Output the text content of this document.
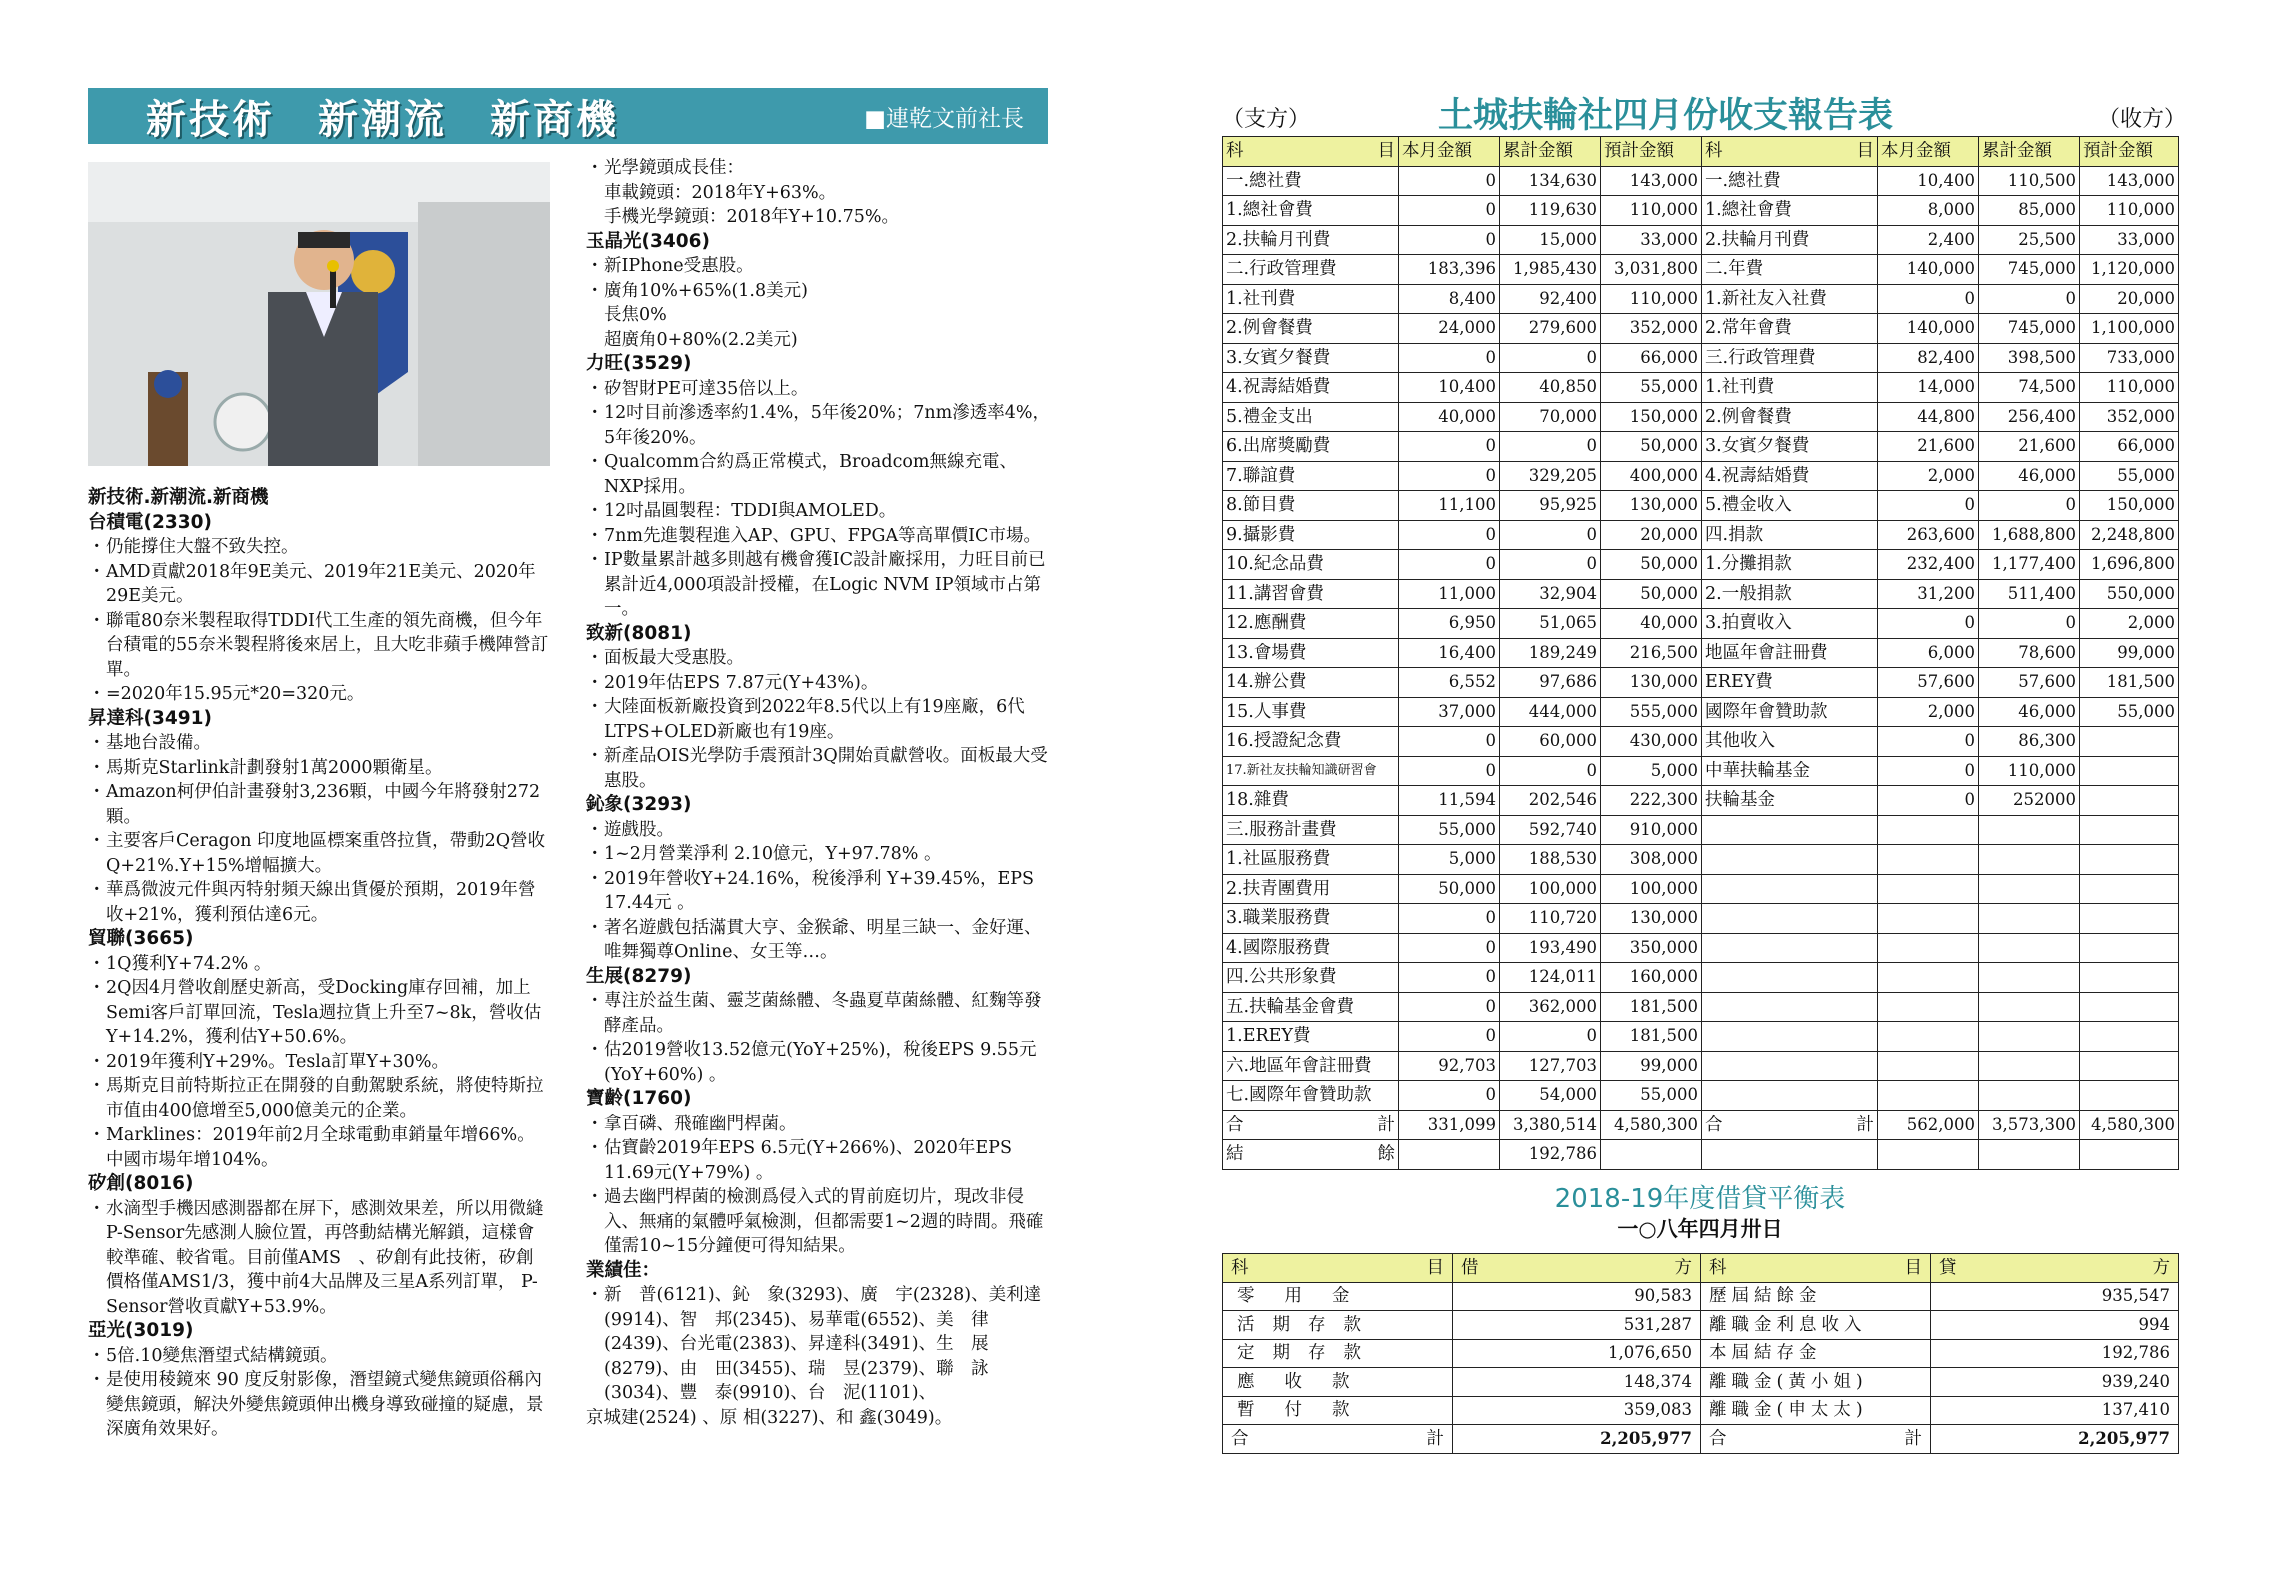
新技術　新潮流　新商機	■連乾文前社長
新技術.新潮流.新商機
台積電(2330)
・ 仍能撐住大盤不致失控。
・ AMD貢獻2018年9E美元、2019年21E美元、2020年29E美元。
・ 聯電80奈米製程取得TDDI代工生產的領先商機，但今年台積電的55奈米製程將後來居上，且大吃非蘋手機陣營訂單。
・ =2020年15.95元*20=320元。
昇達科(3491)
・ 基地台設備。
・ 馬斯克Starlink計劃發射1萬2000顆衛星。
・ Amazon柯伊伯計畫發射3,236顆，中國今年將發射272顆。
・ 主要客戶Ceragon 印度地區標案重啓拉貨，帶動2Q營收Q+21%.Y+15%增幅擴大。
・ 華爲微波元件與丙特射頻天線出貨優於預期，2019年營收+21%，獲利預估達6元。
貿聯(3665)
・ 1Q獲利Y+74.2% 。
・ 2Q因4月營收創歷史新高，受Docking庫存回補，加上Semi客戶訂單回流，Tesla週拉貨上升至7~8k，營收估Y+14.2%，獲利估Y+50.6%。
・ 2019年獲利Y+29%。Tesla訂單Y+30%。
・ 馬斯克目前特斯拉正在開發的自動駕駛系統，將使特斯拉市值由400億增至5,000億美元的企業。
・ Marklines：2019年前2月全球電動車銷量年增66%。中國市場年增104%。
矽創(8016)
・ 水滴型手機因感測器都在屏下，感測效果差，所以用微縫P-Sensor先感測人臉位置，再啓動結構光解鎖，這樣會較準確、較省電。目前僅AMS　、矽創有此技術，矽創價格僅AMS1/3，獲中前4大品牌及三星A系列訂單， P-Sensor營收貢獻Y+53.9%。
亞光(3019)
・ 5倍.10變焦潛望式結構鏡頭。
・ 是使用稜鏡來 90 度反射影像，潛望鏡式變焦鏡頭俗稱內變焦鏡頭，解決外變焦鏡頭伸出機身導致碰撞的疑慮，景深廣角效果好。
・ 光學鏡頭成長佳：
車載鏡頭：2018年Y+63%。
手機光學鏡頭：2018年Y+10.75%。
玉晶光(3406)
・ 新IPhone受惠股。
・ 廣角10%+65%(1.8美元)
長焦0%
超廣角0+80%(2.2美元)
力旺(3529)
・ 矽智財PE可達35倍以上。
・ 12吋目前滲透率約1.4%，5年後20%；7nm滲透率4%，5年後20%。
・ Qualcomm合約爲正常模式，Broadcom無線充電、NXP採用。
・ 12吋晶圓製程：TDDI與AMOLED。
・ 7nm先進製程進入AP、GPU、FPGA等高單價IC市場。
・ IP數量累計越多則越有機會獲IC設計廠採用，力旺目前已累計近4,000項設計授權，在Logic NVM IP領域市占第一。
致新(8081)
・ 面板最大受惠股。
・ 2019年估EPS 7.87元(Y+43%)。
・ 大陸面板新廠投資到2022年8.5代以上有19座廠，6代LTPS+OLED新廠也有19座。
・ 新產品OIS光學防手震預計3Q開始貢獻營收。面板最大受惠股。
鈊象(3293)
・ 遊戲股。
・ 1~2月營業淨利 2.10億元，Y+97.78% 。
・ 2019年營收Y+24.16%，稅後淨利 Y+39.45%，EPS 17.44元 。
・ 著名遊戲包括滿貫大亨、金猴爺、明星三缺一、金好運、唯舞獨尊Online、女王等…。
生展(8279)
・ 專注於益生菌、靈芝菌絲體、冬蟲夏草菌絲體、紅麴等發酵產品。
・ 估2019營收13.52億元(YoY+25%)，稅後EPS 9.55元(YoY+60%) 。
寶齡(1760)
・ 拿百磷、飛確幽門桿菌。
・ 估寶齡2019年EPS 6.5元(Y+266%)、2020年EPS 11.69元(Y+79%) 。
・ 過去幽門桿菌的檢測爲侵入式的胃前庭切片，現改非侵入、無痛的氣體呼氣檢測，但都需要1~2週的時間。飛確僅需10~15分鐘便可得知結果。
業績佳：
・ 新　普(6121)、鈊　象(3293)、廣　宇(2328)、美利達(9914)、智　邦(2345)、易華電(6552)、美　律(2439)、台光電(2383)、昇達科(3491)、生　展(8279)、由　田(3455)、瑞　昱(2379)、聯　詠(3034)、豐　泰(9910)、台　泥(1101)、
京城建(2524) 、原 相(3227)、和 鑫(3049)。
（支方）	土城扶輪社四月份收支報告表	（收方）
科 目	本月金額	累計金額	預計金額	科 目	本月金額	累計金額	預計金額
一.總社費	0	134,630	143,000	一.總社費	10,400	110,500	143,000
1.總社會費	0	119,630	110,000	1.總社會費	8,000	85,000	110,000
2.扶輪月刊費	0	15,000	33,000	2.扶輪月刊費	2,400	25,500	33,000
二.行政管理費	183,396	1,985,430	3,031,800	二.年費	140,000	745,000	1,120,000
1.社刊費	8,400	92,400	110,000	1.新社友入社費	0	0	20,000
2.例會餐費	24,000	279,600	352,000	2.常年會費	140,000	745,000	1,100,000
3.女賓夕餐費	0	0	66,000	三.行政管理費	82,400	398,500	733,000
4.祝壽結婚費	10,400	40,850	55,000	1.社刊費	14,000	74,500	110,000
5.禮金支出	40,000	70,000	150,000	2.例會餐費	44,800	256,400	352,000
6.出席獎勵費	0	0	50,000	3.女賓夕餐費	21,600	21,600	66,000
7.聯誼費	0	329,205	400,000	4.祝壽結婚費	2,000	46,000	55,000
8.節目費	11,100	95,925	130,000	5.禮金收入	0	0	150,000
9.攝影費	0	0	20,000	四.捐款	263,600	1,688,800	2,248,800
10.紀念品費	0	0	50,000	1.分攤捐款	232,400	1,177,400	1,696,800
11.講習會費	11,000	32,904	50,000	2.一般捐款	31,200	511,400	550,000
12.應酬費	6,950	51,065	40,000	3.拍賣收入	0	0	2,000
13.會場費	16,400	189,249	216,500	地區年會註冊費	6,000	78,600	99,000
14.辦公費	6,552	97,686	130,000	EREY費	57,600	57,600	181,500
15.人事費	37,000	444,000	555,000	國際年會贊助款	2,000	46,000	55,000
16.授證紀念費	0	60,000	430,000	其他收入	0	86,300	
17.新社友扶輪知識研習會	0	0	5,000	中華扶輪基金	0	110,000	
18.雜費	11,594	202,546	222,300	扶輪基金	0	252000	
三.服務計畫費	55,000	592,740	910,000				
1.社區服務費	5,000	188,530	308,000				
2.扶青團費用	50,000	100,000	100,000				
3.職業服務費	0	110,720	130,000				
4.國際服務費	0	193,490	350,000				
四.公共形象費	0	124,011	160,000				
五.扶輪基金會費	0	362,000	181,500				
1.EREY費	0	0	181,500				
六.地區年會註冊費	92,703	127,703	99,000				
七.國際年會贊助款	0	54,000	55,000				

合 計	331,099	3,380,514	4,580,300	合 計	562,000	3,573,300	4,580,300

結 餘		192,786					
2018-19年度借貸平衡表
一○八年四月卅日
科 目	借 方	科 目	貸 方

零用金	90,583	歷屆結餘金	935,547
活期存款	531,287	離職金利息收入	994
定期存款	1,076,650	本屆結存金	192,786
應收款	148,374	離職金(黃小姐)	939,240
暫付款	359,083	離職金(申太太)	137,410

合 計	2,205,977	合 計	2,205,977
